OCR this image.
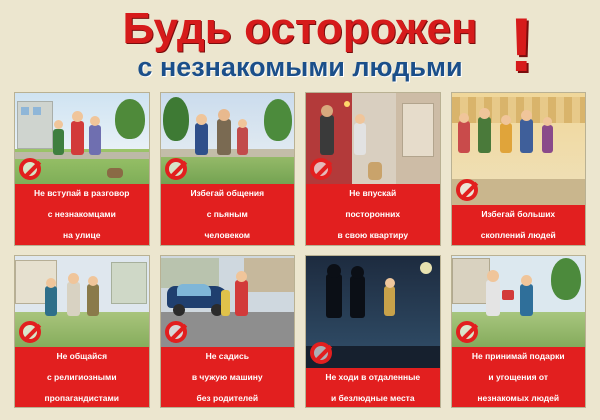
Будь осторожен
с незнакомыми людьми !
Не вступай в разговор

с незнакомцами

на улице
Избегай общения

с пьяным

человеком
Не впускай

посторонних

в свою квартиру
Избегай больших

скоплений людей
Не общайся

с религиозными

пропагандистами
Не садись

в чужую машину

без родителей
Не ходи в отдаленные

и безлюдные места
Не принимай подарки

и угощения от

незнакомых людей
